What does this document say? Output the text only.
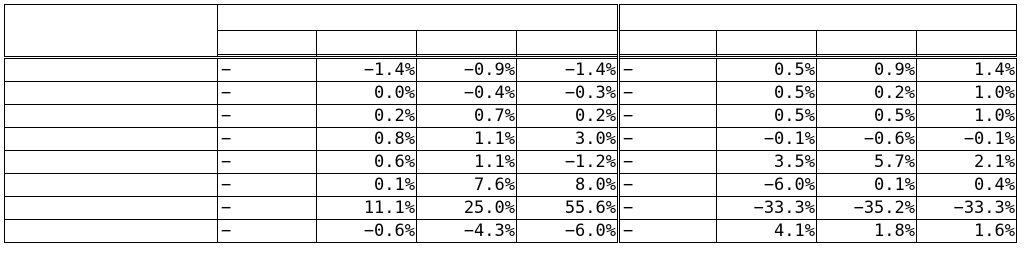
	−	−1.4%	−0.9%	−1.4%	−	0.5%	0.9%	1.4%
	−	0.0%	−0.4%	−0.3%	−	0.5%	0.2%	1.0%
	−	0.2%	0.7%	0.2%	−	0.5%	0.5%	1.0%
	−	0.8%	1.1%	3.0%	−	−0.1%	−0.6%	−0.1%
	−	0.6%	1.1%	−1.2%	−	3.5%	5.7%	2.1%
	−	0.1%	7.6%	8.0%	−	−6.0%	0.1%	0.4%
	−	11.1%	25.0%	55.6%	−	−33.3%	−35.2%	−33.3%
	−	−0.6%	−4.3%	−6.0%	−	4.1%	1.8%	1.6%
